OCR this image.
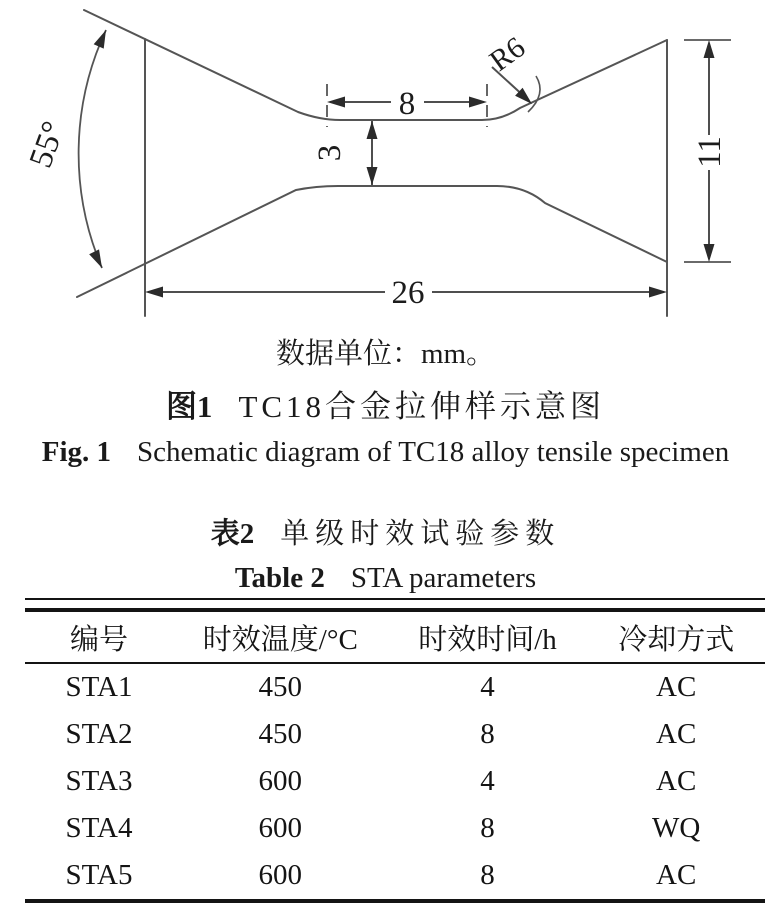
55°
8
3
R6
11
26
数据单位：mm。
图1 TC18合金拉伸样示意图
Fig. 1 Schematic diagram of TC18 alloy tensile specimen
表2 单级时效试验参数
Table 2 STA parameters
编号	时效温度/°C	时效时间/h	冷却方式
STA1	450	4	AC
STA2	450	8	AC
STA3	600	4	AC
STA4	600	8	WQ
STA5	600	8	AC
